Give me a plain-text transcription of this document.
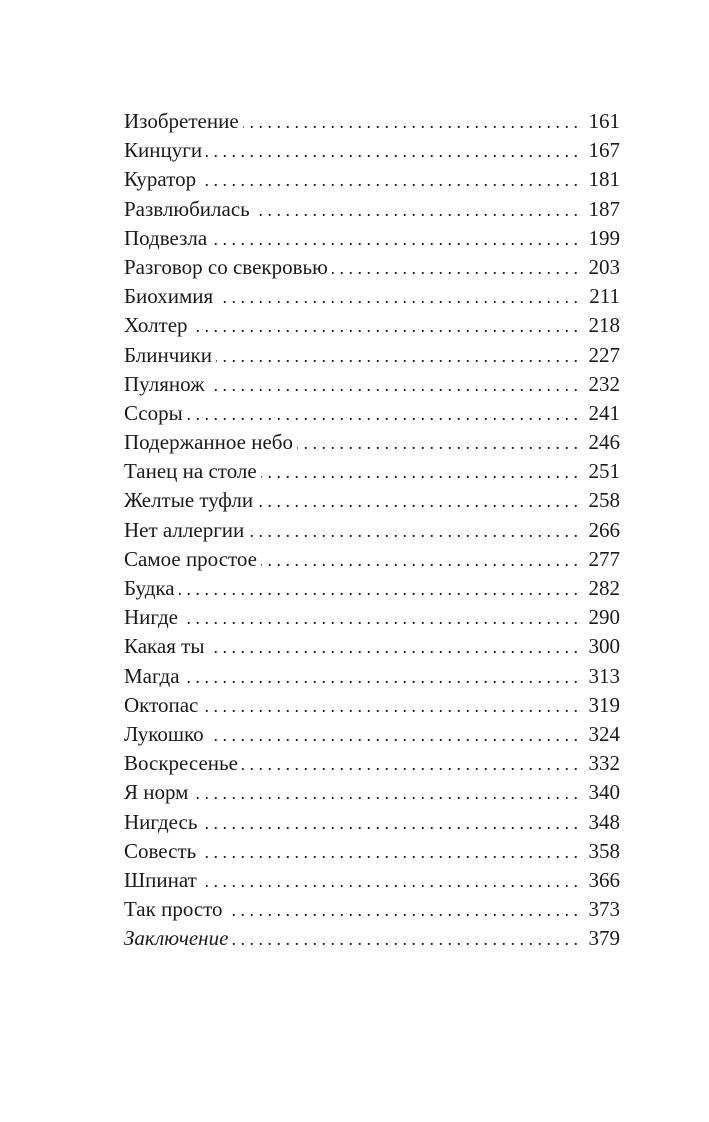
Изобретение . . .	161
Кинцуги . . .	167
Куратор . . .	181
Развлюбилась . . .	187
Подвезла . . .	199
Разговор со свекровью . . .	203
Биохимия . . .	211
Холтер . . .	218
Блинчики . . .	227
Пулянож . . .	232
Ссоры . . .	241
Подержанное небо . . .	246
Танец на столе . . .	251
Желтые туфли . . .	258
Нет аллергии . . .	266
Самое простое . . .	277
Будка . . .	282
Нигде . . .	290
Какая ты . . .	300
Магда . . .	313
Октопас . . .	319
Лукошко . . .	324
Воскресенье . . .	332
Я норм . . .	340
Нигдесь . . .	348
Совесть . . .	358
Шпинат . . .	366
Так просто . . .	373
Заключение . . .	379
